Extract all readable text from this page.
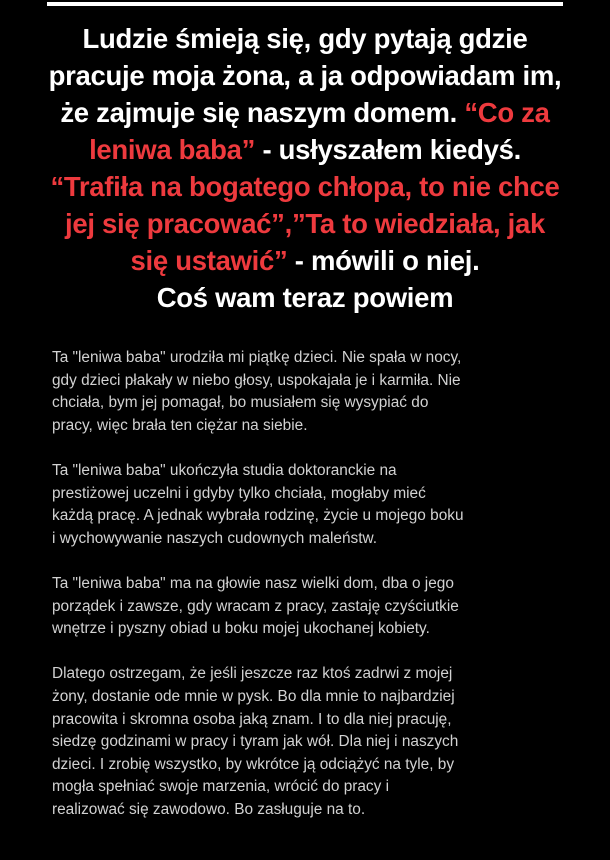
Ludzie śmieją się, gdy pytają gdzie
pracuje moja żona, a ja odpowiadam im,
że zajmuje się naszym domem. “Co za
leniwa baba” - usłyszałem kiedyś.
“Trafiła na bogatego chłopa, to nie chce
jej się pracować”,”Ta to wiedziała, jak
się ustawić” - mówili o niej.
Coś wam teraz powiem

Ta "leniwa baba" urodziła mi piątkę dzieci. Nie spała w nocy,
gdy dzieci płakały w niebo głosy, uspokajała je i karmiła. Nie
chciała, bym jej pomagał, bo musiałem się wysypiać do
pracy, więc brała ten ciężar na siebie.

Ta "leniwa baba" ukończyła studia doktoranckie na
prestiżowej uczelni i gdyby tylko chciała, mogłaby mieć
każdą pracę. A jednak wybrała rodzinę, życie u mojego boku
i wychowywanie naszych cudownych maleństw.

Ta "leniwa baba" ma na głowie nasz wielki dom, dba o jego
porządek i zawsze, gdy wracam z pracy, zastaję czyściutkie
wnętrze i pyszny obiad u boku mojej ukochanej kobiety.

Dlatego ostrzegam, że jeśli jeszcze raz ktoś zadrwi z mojej
żony, dostanie ode mnie w pysk. Bo dla mnie to najbardziej
pracowita i skromna osoba jaką znam. I to dla niej pracuję,
siedzę godzinami w pracy i tyram jak wół. Dla niej i naszych
dzieci. I zrobię wszystko, by wkrótce ją odciążyć na tyle, by
mogła spełniać swoje marzenia, wrócić do pracy i
realizować się zawodowo. Bo zasługuje na to.
